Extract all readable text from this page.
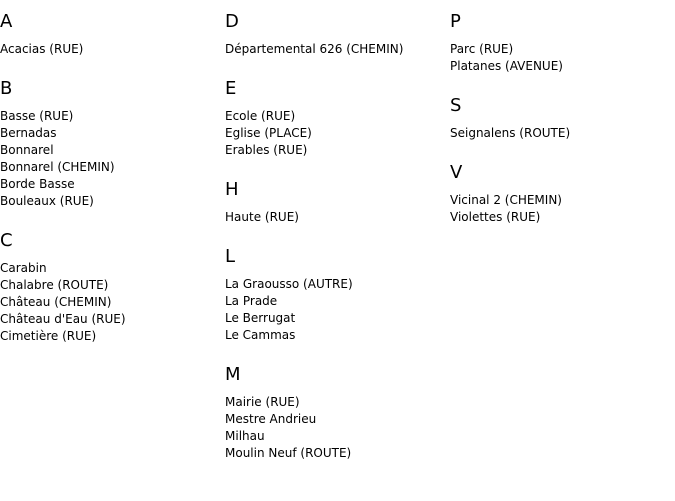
A
Acacias (RUE)
B
Basse (RUE)
Bernadas
Bonnarel
Bonnarel (CHEMIN)
Borde Basse
Bouleaux (RUE)
C
Carabin
Chalabre (ROUTE)
Château (CHEMIN)
Château d'Eau (RUE)
Cimetière (RUE)
D
Départemental 626 (CHEMIN)
E
Ecole (RUE)
Eglise (PLACE)
Erables (RUE)
H
Haute (RUE)
L
La Graousso (AUTRE)
La Prade
Le Berrugat
Le Cammas
M
Mairie (RUE)
Mestre Andrieu
Milhau
Moulin Neuf (ROUTE)
P
Parc (RUE)
Platanes (AVENUE)
S
Seignalens (ROUTE)
V
Vicinal 2 (CHEMIN)
Violettes (RUE)
